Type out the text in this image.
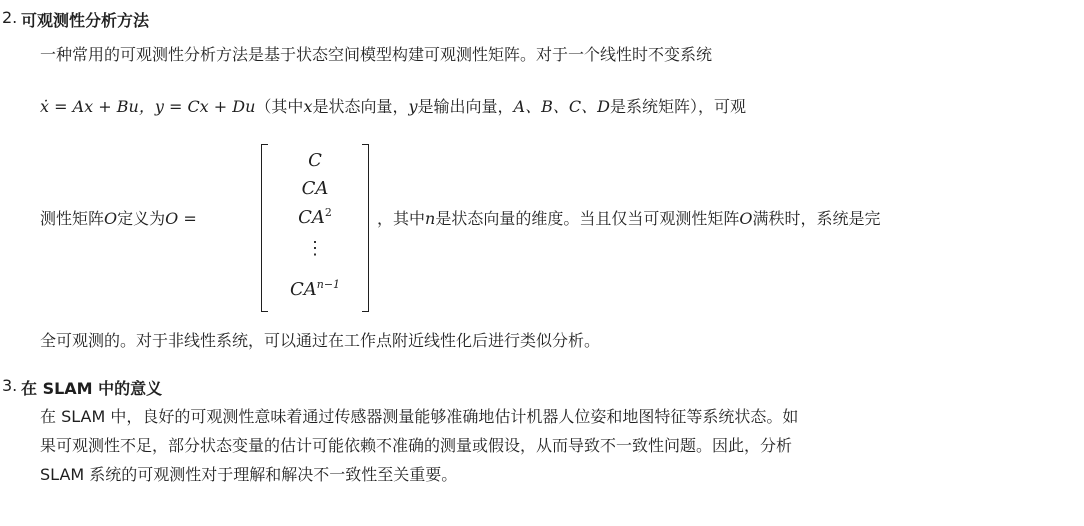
2. 可观测性分析方法
一种常用的可观测性分析方法是基于状态空间模型构建可观测性矩阵。对于一个线性时不变系统
ẋ = Ax + Bu，y = Cx + Du（其中x是状态向量，y是输出向量，A、B、C、D是系统矩阵），可观
测性矩阵O定义为O =
C
CA
$CA^2$
⋮
$CA^{n-1}$
，其中n是状态向量的维度。当且仅当可观测性矩阵O满秩时，系统是完
全可观测的。对于非线性系统，可以通过在工作点附近线性化后进行类似分析。
3. 在 SLAM 中的意义
在 SLAM 中，良好的可观测性意味着通过传感器测量能够准确地估计机器人位姿和地图特征等系统状态。如
果可观测性不足，部分状态变量的估计可能依赖不准确的测量或假设，从而导致不一致性问题。因此，分析
SLAM 系统的可观测性对于理解和解决不一致性至关重要。
